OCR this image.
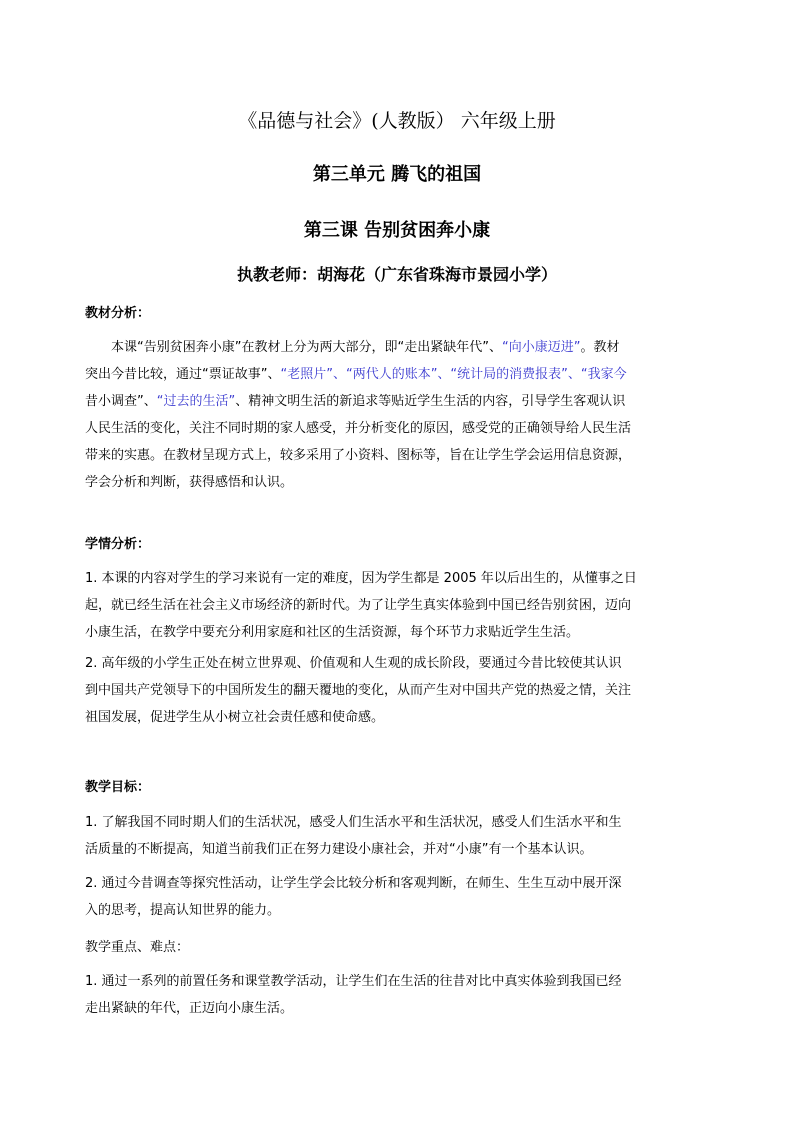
《品德与社会》(人教版） 六年级上册
第三单元 腾飞的祖国
第三课 告别贫困奔小康
执教老师：胡海花（广东省珠海市景园小学）
教材分析：
本课“告别贫困奔小康”在教材上分为两大部分，即“走出紧缺年代”、“向小康迈进”。教材
突出今昔比较，通过“票证故事”、“老照片”、“两代人的账本”、“统计局的消费报表”、“我家今
昔小调查”、“过去的生活”、精神文明生活的新追求等贴近学生生活的内容，引导学生客观认识
人民生活的变化，关注不同时期的家人感受，并分析变化的原因，感受党的正确领导给人民生活
带来的实惠。在教材呈现方式上，较多采用了小资料、图标等，旨在让学生学会运用信息资源，
学会分析和判断，获得感悟和认识。
学情分析：
1. 本课的内容对学生的学习来说有一定的难度，因为学生都是 2005 年以后出生的，从懂事之日
起，就已经生活在社会主义市场经济的新时代。为了让学生真实体验到中国已经告别贫困，迈向
小康生活，在教学中要充分利用家庭和社区的生活资源，每个环节力求贴近学生生活。
2. 高年级的小学生正处在树立世界观、价值观和人生观的成长阶段，要通过今昔比较使其认识
到中国共产党领导下的中国所发生的翻天覆地的变化，从而产生对中国共产党的热爱之情，关注
祖国发展，促进学生从小树立社会责任感和使命感。
教学目标：
1. 了解我国不同时期人们的生活状况，感受人们生活水平和生活状况，感受人们生活水平和生
活质量的不断提高，知道当前我们正在努力建设小康社会，并对“小康”有一个基本认识。
2. 通过今昔调查等探究性活动，让学生学会比较分析和客观判断，在师生、生生互动中展开深
入的思考，提高认知世界的能力。
教学重点、难点：
1. 通过一系列的前置任务和课堂教学活动，让学生们在生活的往昔对比中真实体验到我国已经
走出紧缺的年代，正迈向小康生活。
